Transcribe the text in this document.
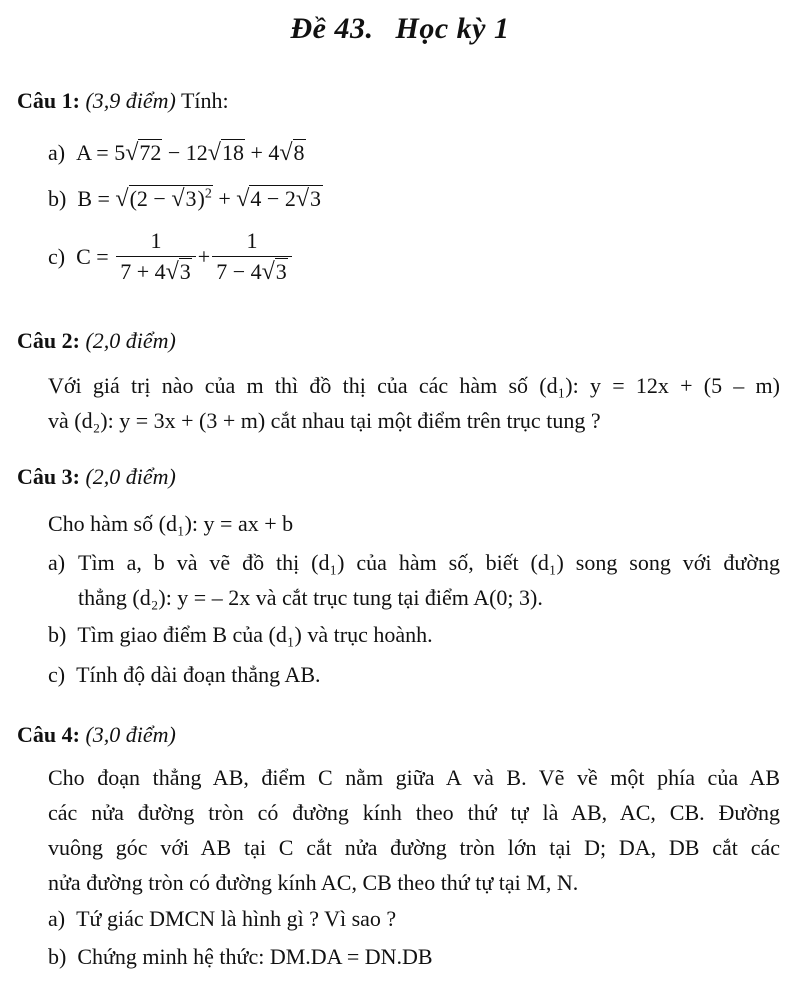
Đề 43. Học kỳ 1
Câu 1: (3,9 điểm) Tính:
a) A = 5√72 − 12√18 + 4√8
b) $B = √(2 - √3)^2 + √4 - 2√3$
c) $C = \frac{1}{7 + 4√3} + \frac{1}{7 - 4√3}$
Câu 2: (2,0 điểm)
Với giá trị nào của m thì đồ thị của các hàm số (d₁): y = 12x + (5 – m)
và (d₂): y = 3x + (3 + m) cắt nhau tại một điểm trên trục tung ?
Câu 3: (2,0 điểm)
Cho hàm số (d₁): y = ax + b
a) Tìm a, b và vẽ đồ thị (d₁) của hàm số, biết (d₁) song song với đường
thẳng (d₂): y = – 2x và cắt trục tung tại điểm A(0; 3).
b) Tìm giao điểm B của (d₁) và trục hoành.
c) Tính độ dài đoạn thẳng AB.
Câu 4: (3,0 điểm)
Cho đoạn thẳng AB, điểm C nằm giữa A và B. Vẽ về một phía của AB
các nửa đường tròn có đường kính theo thứ tự là AB, AC, CB. Đường
vuông góc với AB tại C cắt nửa đường tròn lớn tại D; DA, DB cắt các
nửa đường tròn có đường kính AC, CB theo thứ tự tại M, N.
a) Tứ giác DMCN là hình gì ? Vì sao ?
b) Chứng minh hệ thức: DM.DA = DN.DB
